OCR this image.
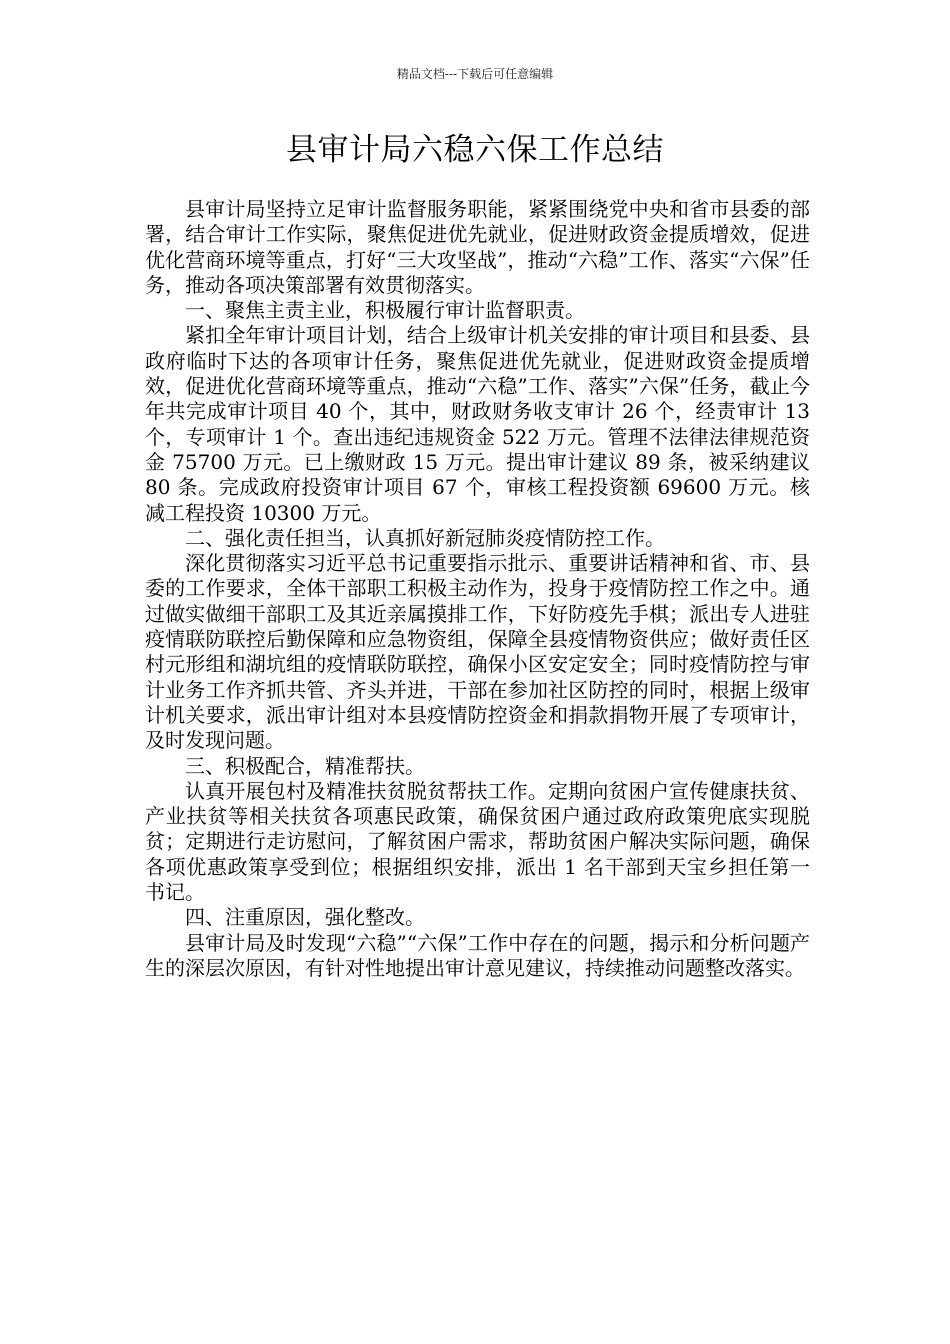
精品文档---下载后可任意编辑
县审计局六稳六保工作总结

县审计局坚持立足审计监督服务职能，紧紧围绕党中央和省市县委的部署，结合审计工作实际，聚焦促进优先就业，促进财政资金提质增效，促进优化营商环境等重点，打好“三大攻坚战”，推动“六稳”工作、落实“六保”任务，推动各项决策部署有效贯彻落实。

一、聚焦主责主业，积极履行审计监督职责。

紧扣全年审计项目计划，结合上级审计机关安排的审计项目和县委、县政府临时下达的各项审计任务，聚焦促进优先就业，促进财政资金提质增效，促进优化营商环境等重点，推动“六稳”工作、落实”六保”任务，截止今年共完成审计项目 40 个，其中，财政财务收支审计 26 个，经责审计 13 个，专项审计 1 个。查出违纪违规资金 522 万元。管理不法律法律规范资金 75700 万元。已上缴财政 15 万元。提出审计建议 89 条，被采纳建议 80 条。完成政府投资审计项目 67 个，审核工程投资额 69600 万元。核减工程投资 10300 万元。

二、强化责任担当，认真抓好新冠肺炎疫情防控工作。

深化贯彻落实习近平总书记重要指示批示、重要讲话精神和省、市、县委的工作要求，全体干部职工积极主动作为，投身于疫情防控工作之中。通过做实做细干部职工及其近亲属摸排工作，下好防疫先手棋；派出专人进驻疫情联防联控后勤保障和应急物资组，保障全县疫情物资供应；做好责任区村元形组和湖坑组的疫情联防联控，确保小区安定安全；同时疫情防控与审计业务工作齐抓共管、齐头并进，干部在参加社区防控的同时，根据上级审计机关要求，派出审计组对本县疫情防控资金和捐款捐物开展了专项审计，及时发现问题。

三、积极配合，精准帮扶。

认真开展包村及精准扶贫脱贫帮扶工作。定期向贫困户宣传健康扶贫、产业扶贫等相关扶贫各项惠民政策，确保贫困户通过政府政策兜底实现脱贫；定期进行走访慰问，了解贫困户需求，帮助贫困户解决实际问题，确保各项优惠政策享受到位；根据组织安排，派出 1 名干部到天宝乡担任第一书记。

四、注重原因，强化整改。

县审计局及时发现“六稳”“六保”工作中存在的问题，揭示和分析问题产生的深层次原因，有针对性地提出审计意见建议，持续推动问题整改落实。
